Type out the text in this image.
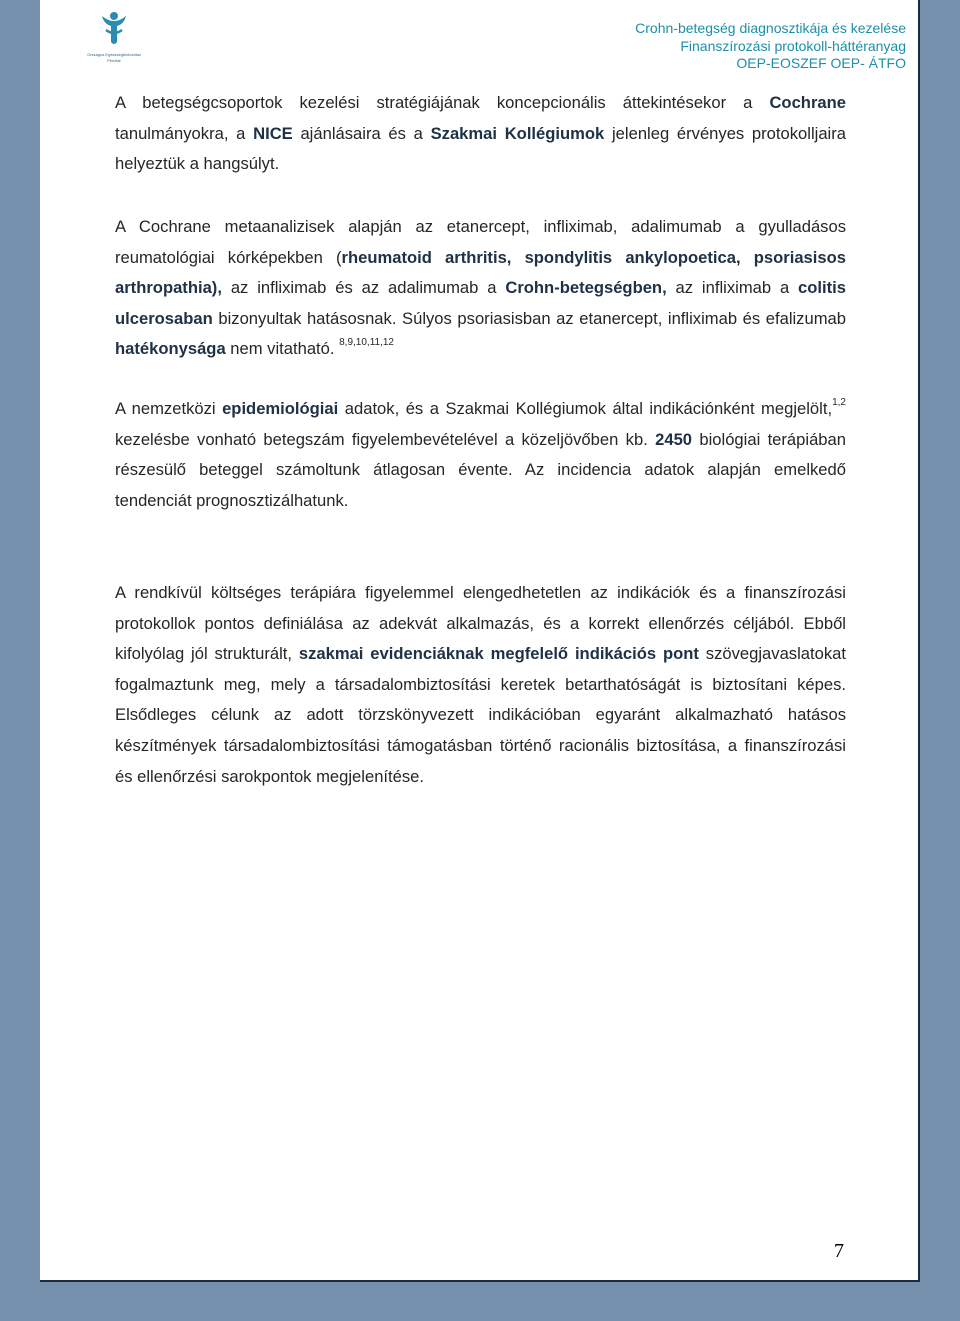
Országos Egészségbiztosítási
Pénztár
Crohn-betegség diagnosztikája és kezelése
Finanszírozási protokoll-háttéranyag
OEP-EOSZEF OEP- ÁTFO

A betegségcsoportok kezelési stratégiájának koncepcionális áttekintésekor a Cochrane tanulmányokra, a NICE ajánlásaira és a Szakmai Kollégiumok jelenleg érvényes protokolljaira helyeztük a hangsúlyt.

A Cochrane metaanalizisek alapján az etanercept, infliximab, adalimumab a gyulladásos reumatológiai kórképekben (rheumatoid arthritis, spondylitis ankylopoetica, psoriasisos arthropathia), az infliximab és az adalimumab a Crohn-betegségben, az infliximab a colitis ulcerosaban bizonyultak hatásosnak. Súlyos psoriasisban az etanercept, infliximab és efalizumab hatékonysága nem vitatható. $^{8,9,10,11,12}$

A nemzetközi epidemiológiai adatok, és a Szakmai Kollégiumok által indikációnként megjelölt,$^{1,2}$ kezelésbe vonható betegszám figyelembevételével a közeljövőben kb. 2450 biológiai terápiában részesülő beteggel számoltunk átlagosan évente. Az incidencia adatok alapján emelkedő tendenciát prognosztizálhatunk.

A rendkívül költséges terápiára figyelemmel elengedhetetlen az indikációk és a finanszírozási protokollok pontos definiálása az adekvát alkalmazás, és a korrekt ellenőrzés céljából. Ebből kifolyólag jól strukturált, szakmai evidenciáknak megfelelő indikációs pont szövegjavaslatokat fogalmaztunk meg, mely a társadalombiztosítási keretek betarthatóságát is biztosítani képes. Elsődleges célunk az adott törzskönyvezett indikációban egyaránt alkalmazható hatásos készítmények társadalombiztosítási támogatásban történő racionális biztosítása, a finanszírozási és ellenőrzési sarokpontok megjelenítése.

7
